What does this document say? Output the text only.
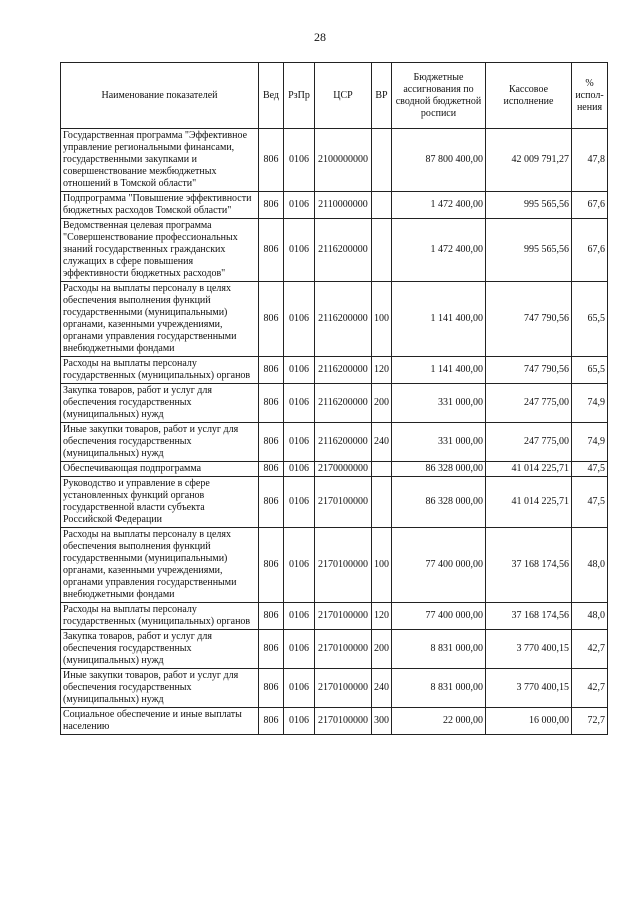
28
Наименование показателей	Вед	РзПр	ЦСР	ВР	Бюджетные ассигнования по сводной бюджетной росписи	Кассовое исполнение	% испол-нения
Государственная программа "Эффективное управление региональными финансами, государственными закупками и совершенствование межбюджетных отношений в Томской области"	806	0106	2100000000		87 800 400,00	42 009 791,27	47,8
Подпрограмма "Повышение эффективности бюджетных расходов Томской области"	806	0106	2110000000		1 472 400,00	995 565,56	67,6
Ведомственная целевая программа "Совершенствование профессиональных знаний государственных гражданских служащих в сфере повышения эффективности бюджетных расходов"	806	0106	2116200000		1 472 400,00	995 565,56	67,6
Расходы на выплаты персоналу в целях обеспечения выполнения функций государственными (муниципальными) органами, казенными учреждениями, органами управления государственными внебюджетными фондами	806	0106	2116200000	100	1 141 400,00	747 790,56	65,5
Расходы на выплаты персоналу государственных (муниципальных) органов	806	0106	2116200000	120	1 141 400,00	747 790,56	65,5
Закупка товаров, работ и услуг для обеспечения государственных (муниципальных) нужд	806	0106	2116200000	200	331 000,00	247 775,00	74,9
Иные закупки товаров, работ и услуг для обеспечения государственных (муниципальных) нужд	806	0106	2116200000	240	331 000,00	247 775,00	74,9
Обеспечивающая подпрограмма	806	0106	2170000000		86 328 000,00	41 014 225,71	47,5
Руководство и управление в сфере установленных функций органов государственной власти субъекта Российской Федерации	806	0106	2170100000		86 328 000,00	41 014 225,71	47,5
Расходы на выплаты персоналу в целях обеспечения выполнения функций государственными (муниципальными) органами, казенными учреждениями, органами управления государственными внебюджетными фондами	806	0106	2170100000	100	77 400 000,00	37 168 174,56	48,0
Расходы на выплаты персоналу государственных (муниципальных) органов	806	0106	2170100000	120	77 400 000,00	37 168 174,56	48,0
Закупка товаров, работ и услуг для обеспечения государственных (муниципальных) нужд	806	0106	2170100000	200	8 831 000,00	3 770 400,15	42,7
Иные закупки товаров, работ и услуг для обеспечения государственных (муниципальных) нужд	806	0106	2170100000	240	8 831 000,00	3 770 400,15	42,7
Социальное обеспечение и иные выплаты населению	806	0106	2170100000	300	22 000,00	16 000,00	72,7
